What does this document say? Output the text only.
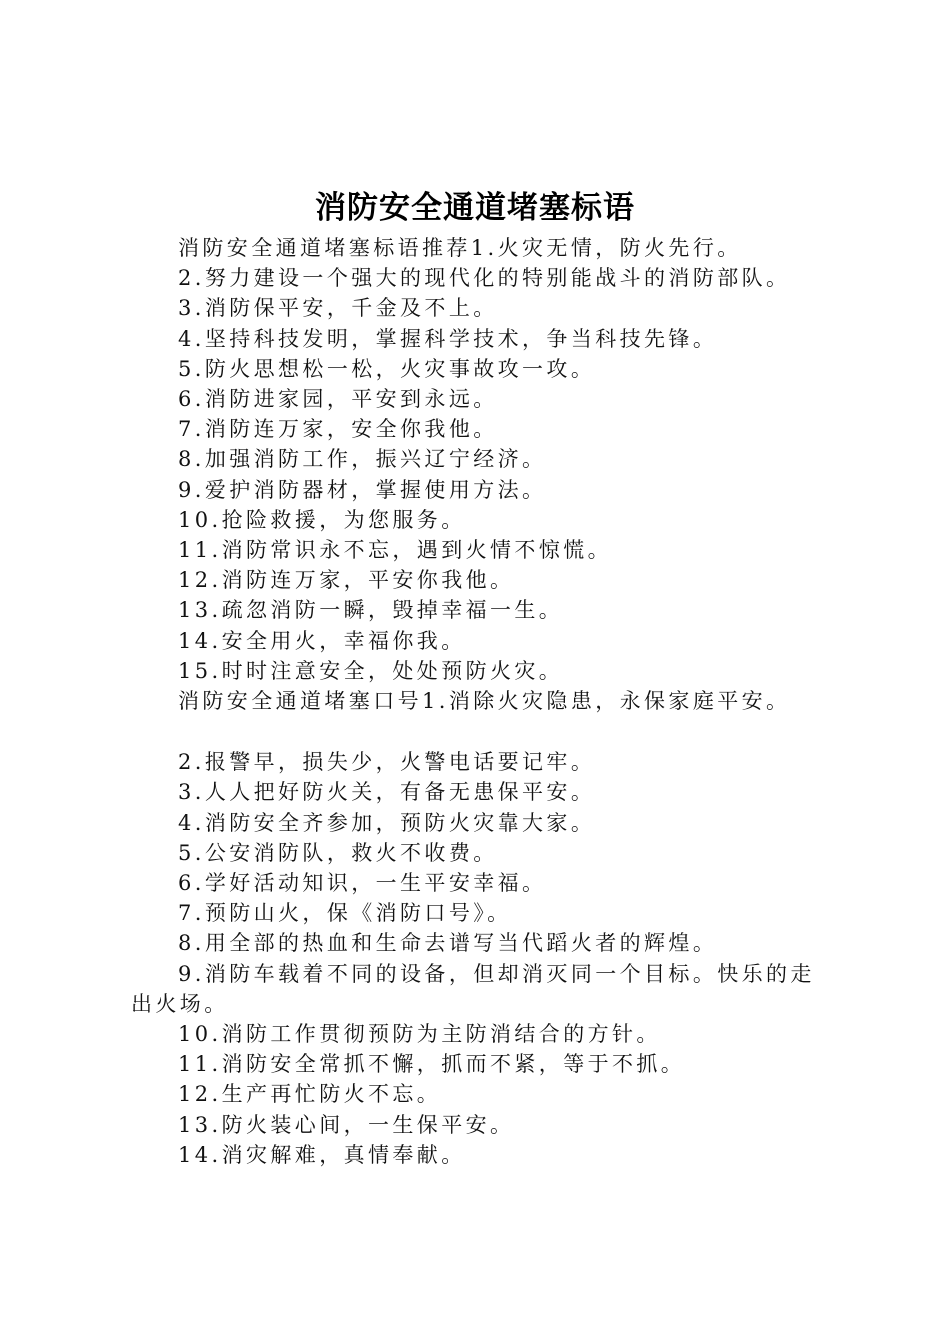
消防安全通道堵塞标语

消防安全通道堵塞标语推荐1.火灾无情，防火先行。

2.努力建设一个强大的现代化的特别能战斗的消防部队。

3.消防保平安，千金及不上。

4.坚持科技发明，掌握科学技术，争当科技先锋。

5.防火思想松一松，火灾事故攻一攻。

6.消防进家园，平安到永远。

7.消防连万家，安全你我他。

8.加强消防工作，振兴辽宁经济。

9.爱护消防器材，掌握使用方法。

10.抢险救援，为您服务。

11.消防常识永不忘，遇到火情不惊慌。

12.消防连万家，平安你我他。

13.疏忽消防一瞬，毁掉幸福一生。

14.安全用火，幸福你我。

15.时时注意安全，处处预防火灾。

消防安全通道堵塞口号1.消除火灾隐患，永保家庭平安。

2.报警早，损失少，火警电话要记牢。

3.人人把好防火关，有备无患保平安。

4.消防安全齐参加，预防火灾靠大家。

5.公安消防队，救火不收费。

6.学好活动知识，一生平安幸福。

7.预防山火，保《消防口号》。

8.用全部的热血和生命去谱写当代蹈火者的辉煌。

9.消防车载着不同的设备，但却消灭同一个目标。快乐的走出火场。

10.消防工作贯彻预防为主防消结合的方针。

11.消防安全常抓不懈，抓而不紧，等于不抓。

12.生产再忙防火不忘。

13.防火装心间，一生保平安。

14.消灾解难，真情奉献。
